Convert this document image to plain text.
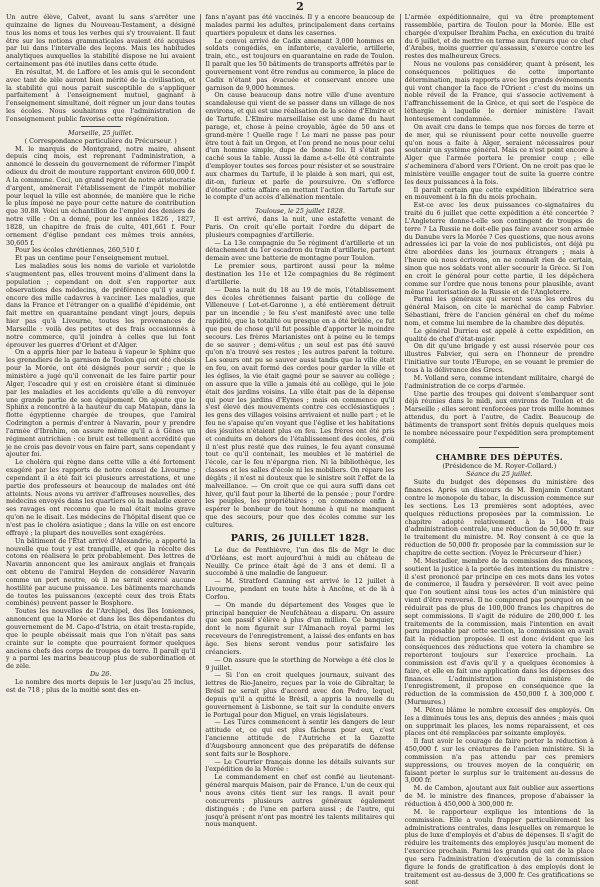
2

Un autre élève, Calvet, avant lu sans s'arrêter une quinzaine de lignes du Nouveau-Testament, a désigné tous les noms et tous les verbes qui s'y trouvaient. Il faut être sur les notions grammaticales avaient été acquises par lui dans l'intervalle des leçons. Mais les habitudes analytiques auxquelles la stabilité dispose ne lui avaient certainement pas été inutiles dans cette étude.

En résultat, M. de Laffore et les amis qui le secondent avec tant de zèle auront bien mérité de la civilisation, et la stabilité qui nous parait susceptible de s'appliquer parfaitement à l'enseignement mutuel, gagnant à l'enseignement simultané, doit régner un jour dans toutes les écoles. Nous souhaitons que l'administration de l'enseignement public favorise cette régénération.

Marseille, 25 juillet.
( Correspondance particulière du Précurseur. )

M. le marquis de Montgrand, notre maire, ahsent depuis cinq mois, est reprenant l'administration, a annoncé le dessein du gouvernement de réformer l'impôt odieux du droit de mouture rapportant environ 600,000 f. A la commune. Ceci, un grand regret de notre aristocratie d'argent, amènerait l'établissement de l'impôt mobilier pour lequel la ville est abonnée, de manière que le riche le plus imposé ne paye pour cette nature de contribution que 30.88. Voici un échantillon de l'emploi des deniers de notre ville : On a donné, pour les années 1826 , 1827, 1828, un chapitre de frais de culte, 401,661 f. Pour ornement d'église pendant ces mêmes trois années, 30,605 f.

Pour les écoles chrétiennes, 260,510 f.

Et pas un centime pour l'enseignement mutuel.

Les maladies sous les noms de variole et variolotde s'augmentent pas, elles trouvent moins d'aliment dans la population ; cependant on doit s'en rapporter aux observations des médecins, de préférence qu'il y aurait encore des mille cadavres à vacciner. Les maladies, que dans la France et l'étranger on a qualifié d'épidémie, ont fait mettre en quarantaine pendant vingt jours, depuis hier pas qu'à Livourne, toutes les provenances de Marseille : voilà des petites et des frais occasionnés à notre commerce, qu'il joindra à celles que lui font éprouver les guerres d'Orient et d'Alger.

On a appris hier par le bateau à vapeur le Sphinx que les grenadiers de la garnison de Toulon qui ont été choisis pour la Morée, ont été désignés pour servir ; que le ministère a jugé qu'il convenait de les faire partir pour Alger, l'escadre qui y est en croisière étant si diminuée par les maladies et les accidents qu'elle a dû renvoyer une grande partie de son équipement. On ajoute que le Sphinx a rencontré à la hauteur du cap Matapan, dans la flotte égyptienne chargée de troupes, que l'amiral Codrington a permis d'entrer à Navarin, pour y prendre l'armée d'Ibrahim, on assure même qu'il a à Gênes un régiment autrichien : ce bruit est tellement accrédité que je ne crois pas devoir vous en faire part, sans cependant y ajouter foi.

Le choléra qui règne dans cette ville a été fortement exagéré par les rapports de notre consul de Livourne ; cependant il a été fait ici plusieurs arrestations, et une partie des professeurs et beaucoup de malades ont été atteints. Nous avons vu arriver d'affreuses nouvelles, des médecins envoyés dans les quartiers où la maladie exerce ses ravages ont reconnu que le mal était moins grave qu'on ne le disait. Les médecins de l'hôpital disent que ce n'est pas le choléra asiatique ; dans la ville on est encore effrayé ; la plupart des nouvelles sont exagérées.

Un bâtiment de l'État arrivé d'Alexandrie, a apporté la nouvelle que tout y est tranquille, et que la récolte des cotons en réalisera le prix probablement. Des lettres de Navarin annoncent que les amiraux anglais et français ont obtenu de l'amiral Heyden de considérer Navarin comme un port neutre, où il ne serait exercé aucune hostilité par aucune puissance. Les bâtiments marchands de toutes les puissances (excepté ceux des trois États combinés) peuvent passer le Bosphore.

Toutes les nouvelles de l'Archipel, des îles Ioniennes, annoncent que la Morée et dans les îles dépendantes du gouvernement de M. Capo-d'Istria, on était tresta-rapide, que le peuple obéissait mais que l'on n'était pas sans crainte sur le compte que pourraient former quelques anciens chefs des corps de troupes de terre. Il paraît qu'il y a parmi les marins beaucoup plus de subordination et de zèle.

Du 26.

Le nombre des morts depuis le 1er jusqu'au 25 inclus, est de 718 ; plus de la moitié sont des en-

fans n'ayant pas été vaccinés. Il y a encore beaucoup de malades parmi les adultes, principalement dans certains quartiers populeux et dans les casernes.

Le convoi arrivé de Cadix amenant 3,000 hommes en soldats congédiés, en infanterie, cavalerie, artillerie, train, etc., est toujours en quarantaine en rade de Toulon. Il paraît que les 50 bâtiments de transports affrétés par le gouvernement vont être rendus au commerce, la place de Cadix n'étant pas évacuée et conservant encore une garnison de 9,000 hommes.

On cause beaucoup dans notre ville d'une aventure scandaleuse qui vient de se passer dans un village de nos environs, et qui est une réalisation de la scène d'Elmire et de Tartufe. L'Elmire marseillaise est une dame du haut parage, et, chose à peine croyable, âgée de 50 ans et grand-mère ! Quelle rage ! Le mari ne passe pas pour être tout à fait un Orgon, et l'on prend ne nous pour celui d'un homme simple, dupe de bonne foi. Il s'était pas caché sous la table. Aussi la dame a-t-elle été contrainte d'employer toutes ses forces pour résister et se soustraire aux charmes du Tartufe, il le plaide à son mari, qui est, dit-on, furieux et parle de poursuivre. On s'efforce d'étouffer cette affaire en mettant l'action du Tartufe sur le compte d'un accès d'aliénation mentale.

Toulouse, le 25 juillet 1828.

Il est arrivé, dans la nuit, une estafette venant de Paris. On croit qu'elle portait l'ordre du départ de plusieurs compagnies d'artillerie.

— La 13e compagnie du 5e régiment d'artillerie et un détachement du 1er escadron du train d'artillerie, partent demain avec une batterie de montagne pour Toulon.

Le premier sous, partiront aussi pour la même destination les 11e et 12e compagnies du 8e régiment d'artillerie.

— Dans la nuit du 18 au 19 de mois, l'établissement des écoles chrétiennes faisant partie du collège de Villeneuve ( Lot-et-Garonne ), a été entièrement détruit par un incendie ; le feu s'est manifesté avec une telle rapidité, que la totalité ou presque en a été brûlée, ce fut que peu de chose qu'il fut possible d'apporter le moindre secours. Les frères Marianistes ont à peine eu le temps de se sauver ; demi-vêtus ; un seul est pas été sauvé qu'on n'a trouvé ses restes ; les autres parent la toiture. Les sœurs ont pu se sauver aussi tandis que la ville était en feu, on avait formé des cordes pour garder la ville et les églises, la vie était gagné pour se sauver au collège ; on assure que la ville a jamais été au collège, qui le joie était des jardins voisins. La ville était pas de la dépense qui pour les jardins d'Eymes ; mais on commence qu'il s'est élevé des mouvements contre ces ecclésiastiques ; les gens des villages voisins arrivaient et nulle part ; et le feu ne s'apaise qu'en voyant que l'église et les habitations des jésuites n'étaient plus en feu. Les frères ont été pris et conduits en dehors de l'établissement des écoles, d'où il n'est plus resté que des ruines, le feu ayant consumé tout ce qu'il contenait, les meubles et le matériel de l'école, car le feu n'épargna rien. Ni la bibliothèque, les classes et les salles d'école ni les mobiliers. On répare les dégâts ; il n'est ni douteux que le sinistre soit l'effet de la malveillance. — On croit que ce qui aura suffi dans cet hiver, qu'il faut pour la liberté de la pensée ; pour l'ordre les peuples, les propriétaires ; on commence enfin à espérer le bonheur de tout homme à qui ne manquent que des secours, pour que des écoles comme sur les cultures.

PARIS, 26 JUILLET 1828.

Le duc de Penthièvre, l'un des fils de Mgr le duc d'Orléans, est mort aujourd'hui à midi au château de Neuilly. Ce prince était âgé de 3 ans et demi. Il a succombé à une maladie de langueur.

— M. Stratford Canning est arrivé le 12 juillet à Livourne, pendant en toute hâte à Ancône, et de là à Corfou.

— On mande du département des Vosges que le principal banquier de Neufchâteau a disparu. On assure que son passif s'élève à plus d'un million. Ce banquier, dont le nom figurait sur l'Almanach royal parmi les receveurs de l'enregistrement, a laissé des enfants en bas âge. Ses biens seront vendus pour satisfaire les créanciers.

— On assure que le storthing de Norwège a été clos le 9 juillet.

— Si l'on en croit quelques journaux, suivant des lettres de Rio-Janeiro, reçues par la voie de Gibraltar, le Brésil ne serait plus d'accord avec don Pedro, lequel, depuis qu'il a quitté le Brésil, a appris la nouvelle du gouvernement à Lisbonne, se tait sur la conduite envers le Portugal pour don Miguel, en vrais législateurs.

— Les Turcs commencent à sentir les dangers de leur attitude et, ce qui est plus fâcheux pour eux, c'est l'ancienne attitude de l'Autriche et la Gazette d'Augsbourg annoncent que des préparatifs de défense sont faits sur le Bosphore.

— Le Courrier français donne les détails suivants sur l'expédition de la Morée :

Le commandement en chef est confié au lieutenant-général marquis Maison, pair de France. L'un de ceux qui nous avons cités tient sur les rangs. Il avait pour concurrents plusieurs autres généraux également distingués ; de l'une en parlera aussi ; de l'autre, qui jusqu'à présent n'ont pas montré les talents militaires qui nous manquent.

L'armée expéditionnaire, qui va être promptement rassemblée, partira de Toulon pour la Morée. Elle est chargée d'expulser Ibrahim Pacha, en exécution du traité du 6 juillet, et de mettre en terme aux fureurs que ce chef d'Arabes, moins guerrier qu'assassin, s'exerce contre les restes des malheureux Grecs.

Nous ne voulons pas considérer, quant à présent, les conséquences politiques de cette importante détermination, mais rapports avec les grands événements qui vont changer la face de l'Orient : c'est du moins un noble réveil de la France, qui s'associe activement à l'affranchissement de la Grèce, et qui sort de l'espèce de léthargie à laquelle le dernier ministère l'avait honteusement condamnée.

On avait cru dans le temps que nos forces de terre et de mer, qui se réunissent pour cette nouvelle guerre qu'on nous a faite à Alger, seraient nécessaires pour soutenir un système général. Mais ce n'est point encore à Alger que l'armée portera le premier coup ; elle s'acheminera d'abord vers l'Orient. On ne croit pas que le ministère veuille engager tout de suite la guerre contre les deux puissances à la fois.

Il paraît certain que cette expédition libératrice sera en mouvement à la fin du mois prochain.

Est-ce avec les deux puissances co-signataires du traité du 6 juillet que cette expédition a été concertée ? L'Angleterre donne-t-elle son contingent de troupes de terre ? La Russie ne doit-elle pas faire avancer son armée du Danube vers la Morée ? Ces questions, que nous avons adressées ici par la voie de nos publicistes, ont déjà pu être abordées dans les journaux étrangers ; mais à l'heure où nous écrivons, on ne connaît rien de certain, sinon que nos soldats vont aller secourir la Grèce. Si l'on en croit le général pour cette partie, il les dépêchera comme sur l'ordre que nous tenons pour plausible, avant même l'autorisation de la Russie et de l'Angleterre.

Parmi les généraux qui seront sous les ordres du général Maison, on cite le maréchal de camp Fabvier. Sébastiani, frère de l'ancien général en chef du même nom, et comme lui membre de la chambre des députés.

Le général Durrieu est appelé à cette expédition, en qualité de chef d'état-major.

On dit qu'une brigade y est aussi réservée pour ces illustres Fabvier, qui sera en l'honneur de prendre l'initiative sur toute l'Europe, en se vouant le premier de tous à la délivrance des Grecs.

M. Volland sera, comme intendant militaire, chargé de l'administration de ce corps d'armée.

Une partie des troupes qui doivent s'embarquer sont déjà réunies dans le midi, aux environs de Toulon et de Marseille ; elles seront renforcées par trois mille hommes attendus, du port à l'autre, de Cadix. Beaucoup de bâtiments de transport sont frétés depuis quelques mois le nombre nécessaire pour l'expédition sera promptement complété.

CHAMBRE DES DÉPUTÉS.
(Présidence de M. Royer-Collard.)
Séance du 25 juillet.

Suite du budget des dépenses du ministère des finances. Après un discours de M. Benjamin Constant contre le monopole du tabac, la discussion commence sur les sections. Les 13 premières sont adoptées, avec quelques réductions proposées par la commission. Le chapitre adopté relativement à la 14e, frais d'administration centrale, une réduction de 50,000 fr. sur le traitement du ministre. M. Roy consent à ce que la réduction de 50,000 fr. proposée par la commission sur le chapitre de cette section. (Voyez le Précurseur d'hier.)

M. Mestadier, membre de la commission des finances, soutient la justice à la portée des intentions du ministre : il s'est prononcé par principe en ces mots dans les votes de commerce, il faudra y persévérer. Il voit avec peine que l'on soutient ainsi tous les actes d'un ministère qui vient d'être renversé. Il ne comprend pas pourquoi on ne réduirait pas de plus de 100,000 francs les chapitres de sept commissions. Il s'agit de réduire de 200,000 f. les traitements de la commission, mais l'intention en avait paru imposable par cette section, la commission en avait fait la réduction proposée. Il est donc évident que les conséquences des réductions que votera la chambre se reporteront toujours sur l'exercice prochain. La commission est d'avis qu'il y a quelques économies à faire, et elle en fait une application dans les dépenses des finances. L'administration du ministère de l'enregistrement, il propose en conséquence que la réduction de la commission de 450,000 f. à 300,000 f. (Murmures.)

M. Pétou blâme le nombre excessif des employés. On les a diminués tous les ans, depuis des années ; mais quoi on supprimait les places, les noms reparaissent, et ces places ont été remplacées par soixante employés.

Il faut avoir le courage de faire porter la réduction à 450,000 f. sur les créatures de l'ancien ministère. Si la commission n'a pas attendu par ces premiers suppressions, ou trouves moyen de la conquérir, en faisant porter le surplus sur le traitement au-dessus de 3,000 fr.

M. de Cambon, ajoutant aux fait oublier aux assertions de M. le ministre des finances, propose d'abaisser la réduction à 450,000 à 300,000 fr.

M. le rapporteur explique les intentions de la commission. Elle a voulu frapper particulièrement les administrations centrales, dans lesquelles on remarque le plus de luxe d'employés et d'abus de dépenses. Il s'agit de réduire les traitements des employés jusqu'au moment de l'exercice prochain. Parmi les grands qui ont de la place que sera l'administration d'exécution de la commission figure le fonds de gratification à des employés dont le traitement est au-dessus de 3,000 fr. Ces gratifications se sont
